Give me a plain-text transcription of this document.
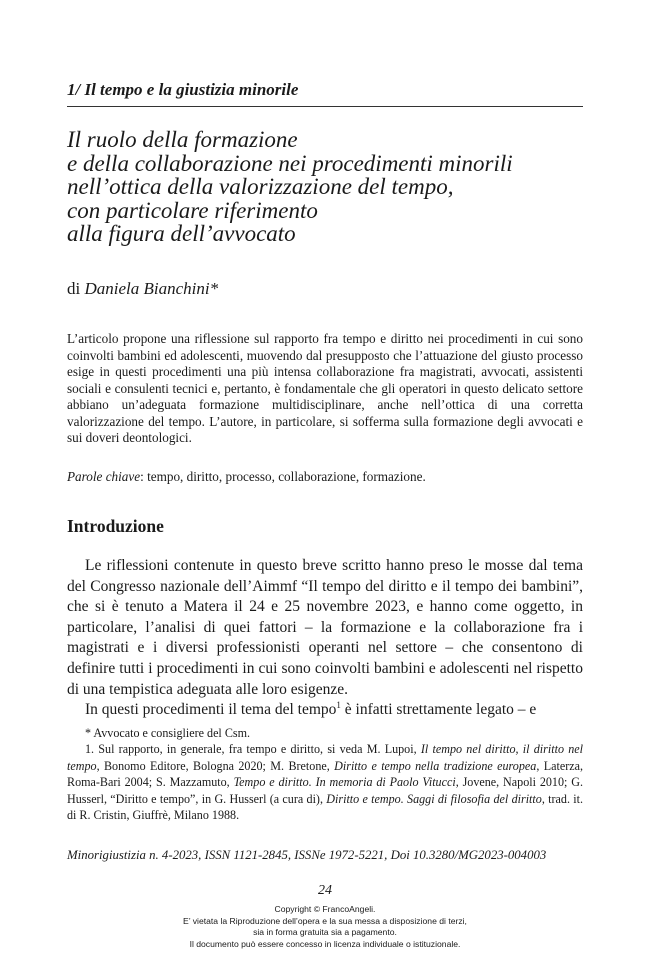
1/ Il tempo e la giustizia minorile
Il ruolo della formazione
e della collaborazione nei procedimenti minorili
nell’ottica della valorizzazione del tempo,
con particolare riferimento
alla figura dell’avvocato
di Daniela Bianchini*

L’articolo propone una riflessione sul rapporto fra tempo e diritto nei procedimenti in cui sono coinvolti bambini ed adolescenti, muovendo dal presupposto che l’attuazione del giusto processo esige in questi procedimenti una più intensa collaborazione fra magistrati, avvocati, assistenti sociali e consulenti tecnici e, pertanto, è fondamentale che gli operatori in questo delicato settore abbiano un’adeguata formazione multidisciplinare, anche nell’ottica di una corretta valorizzazione del tempo. L’autore, in particolare, si sofferma sulla formazione degli avvocati e sui doveri deontologici.

Parole chiave: tempo, diritto, processo, collaborazione, formazione.

Introduzione

Le riflessioni contenute in questo breve scritto hanno preso le mosse dal tema del Congresso nazionale dell’Aimmf “Il tempo del diritto e il tempo dei bambini”, che si è tenuto a Matera il 24 e 25 novembre 2023, e hanno come oggetto, in particolare, l’analisi di quei fattori – la formazione e la collaborazione fra i magistrati e i diversi professionisti operanti nel settore – che consentono di definire tutti i procedimenti in cui sono coinvolti bambini e adolescenti nel rispetto di una tempistica adeguata alle loro esigenze.

In questi procedimenti il tema del tempo$^1$ è infatti strettamente legato – e

* Avvocato e consigliere del Csm.

1. Sul rapporto, in generale, fra tempo e diritto, si veda M. Lupoi, Il tempo nel diritto, il diritto nel tempo, Bonomo Editore, Bologna 2020; M. Bretone, Diritto e tempo nella tradizione europea, Laterza, Roma-Bari 2004; S. Mazzamuto, Tempo e diritto. In memoria di Paolo Vitucci, Jovene, Napoli 2010; G. Husserl, “Diritto e tempo”, in G. Husserl (a cura di), Diritto e tempo. Saggi di filosofia del diritto, trad. it. di R. Cristin, Giuffrè, Milano 1988.

Minorigiustizia n. 4-2023, ISSN 1121-2845, ISSNe 1972-5221, Doi 10.3280/MG2023-004003

24
Copyright © FrancoAngeli.
E’ vietata la Riproduzione dell’opera e la sua messa a disposizione di terzi,
sia in forma gratuita sia a pagamento.
Il documento può essere concesso in licenza individuale o istituzionale.
